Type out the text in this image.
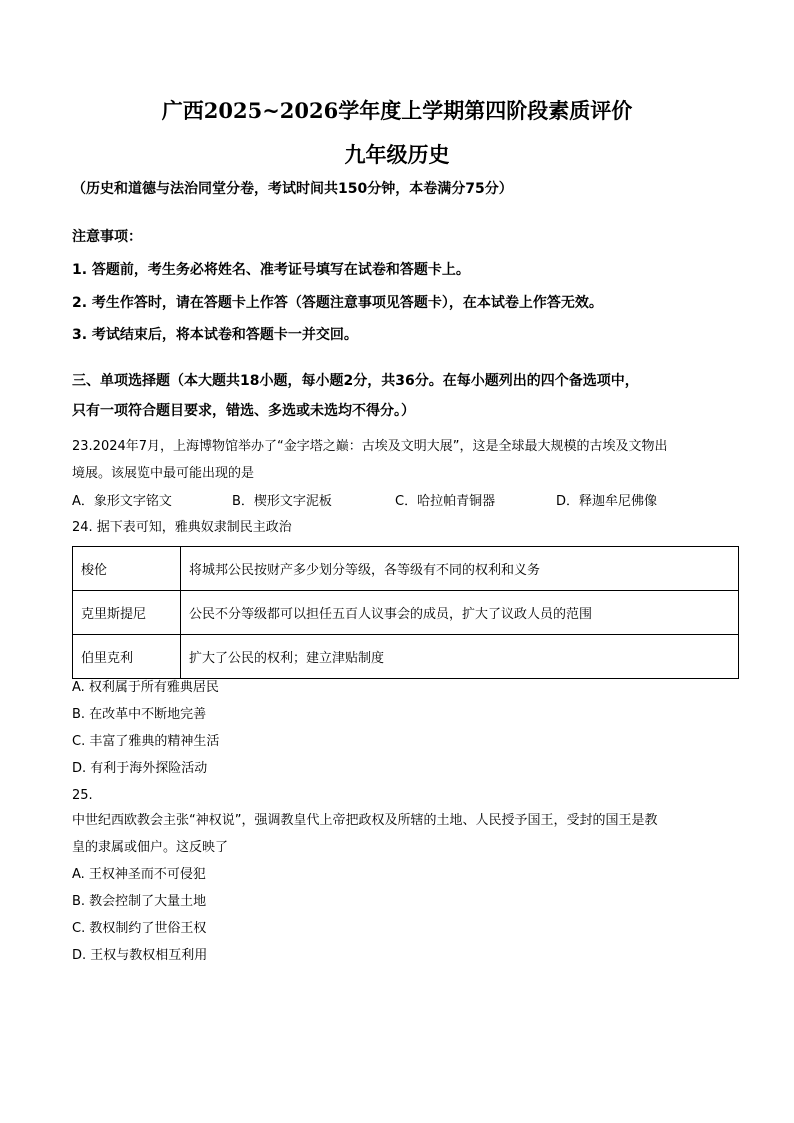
广西2025~2026学年度上学期第四阶段素质评价
九年级历史
（历史和道德与法治同堂分卷，考试时间共150分钟，本卷满分75分）
注意事项：
1. 答题前，考生务必将姓名、准考证号填写在试卷和答题卡上。
2. 考生作答时，请在答题卡上作答（答题注意事项见答题卡），在本试卷上作答无效。
3. 考试结束后，将本试卷和答题卡一并交回。
三、单项选择题（本大题共18小题，每小题2分，共36分。在每小题列出的四个备选项中，
只有一项符合题目要求，错选、多选或未选均不得分。）
23.2024年7月，上海博物馆举办了“金字塔之巅：古埃及文明大展”，这是全球最大规模的古埃及文物出
境展。该展览中最可能出现的是
A．象形文字铭文	B．楔形文字泥板	C．哈拉帕青铜器	D．释迦牟尼佛像
24. 据下表可知，雅典奴隶制民主政治
梭伦	将城邦公民按财产多少划分等级，各等级有不同的权利和义务
克里斯提尼	公民不分等级都可以担任五百人议事会的成员，扩大了议政人员的范围
伯里克利	扩大了公民的权利；建立津贴制度
A. 权利属于所有雅典居民
B. 在改革中不断地完善
C. 丰富了雅典的精神生活
D. 有利于海外探险活动
25.
中世纪西欧教会主张“神权说”，强调教皇代上帝把政权及所辖的土地、人民授予国王，受封的国王是教
皇的隶属或佃户。这反映了
A. 王权神圣而不可侵犯
B. 教会控制了大量土地
C. 教权制约了世俗王权
D. 王权与教权相互利用
